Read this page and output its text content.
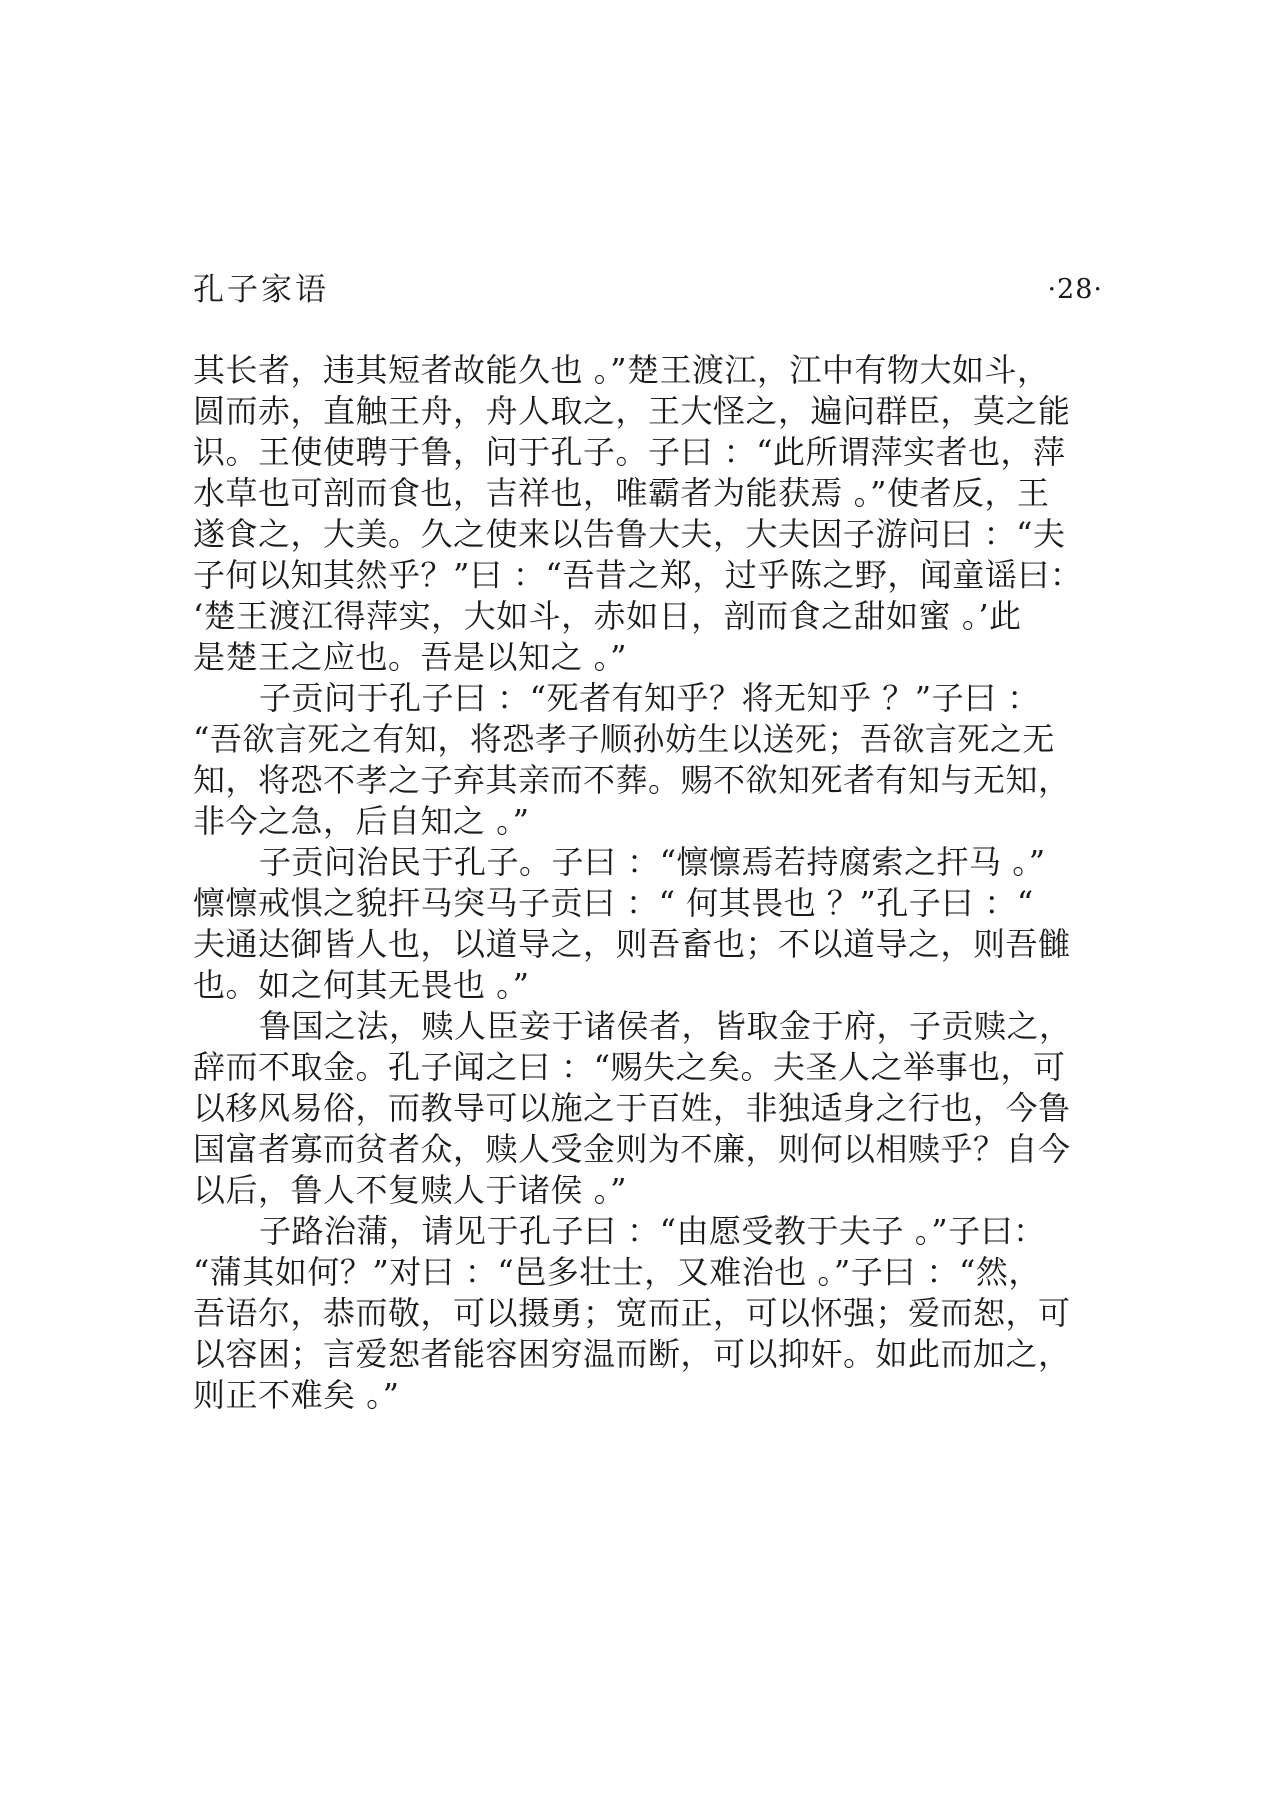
孔子家语	·28·
其长者，违其短者故能久也 。”楚王渡江，江中有物大如斗，
圆而赤，直触王舟，舟人取之，王大怪之，遍问群臣，莫之能
识。王使使聘于鲁，问于孔子。子曰 ：“此所谓萍实者也，萍
水草也可剖而食也，吉祥也，唯霸者为能获焉 。”使者反，王
遂食之，大美。久之使来以告鲁大夫，大夫因子游问曰 ：“夫
子何以知其然乎？”曰 ：“吾昔之郑，过乎陈之野，闻童谣曰：
‘楚王渡江得萍实，大如斗，赤如日，剖而食之甜如蜜 。’此
是楚王之应也。吾是以知之 。”
子贡问于孔子曰 ：“死者有知乎？将无知乎 ？”子曰 ：
“吾欲言死之有知，将恐孝子顺孙妨生以送死；吾欲言死之无
知，将恐不孝之子弃其亲而不葬。赐不欲知死者有知与无知，
非今之急，后自知之 。”
子贡问治民于孔子。子曰 ：“懔懔焉若持腐索之扞马 。”
懔懔戒惧之貌扞马突马子贡曰 ：“ 何其畏也 ？”孔子曰 ：“
夫通达御皆人也，以道导之，则吾畜也；不以道导之，则吾雠
也。如之何其无畏也 。”
鲁国之法，赎人臣妾于诸侯者，皆取金于府，子贡赎之，
辞而不取金。孔子闻之曰 ：“赐失之矣。夫圣人之举事也，可
以移风易俗，而教导可以施之于百姓，非独适身之行也，今鲁
国富者寡而贫者众，赎人受金则为不廉，则何以相赎乎？自今
以后，鲁人不复赎人于诸侯 。”
子路治蒲，请见于孔子曰 ：“由愿受教于夫子 。”子曰：
“蒲其如何？”对曰 ：“邑多壮士，又难治也 。”子曰 ：“然，
吾语尔，恭而敬，可以摄勇；宽而正，可以怀强；爱而恕，可
以容困；言爱恕者能容困穷温而断，可以抑奸。如此而加之，
则正不难矣 。”
